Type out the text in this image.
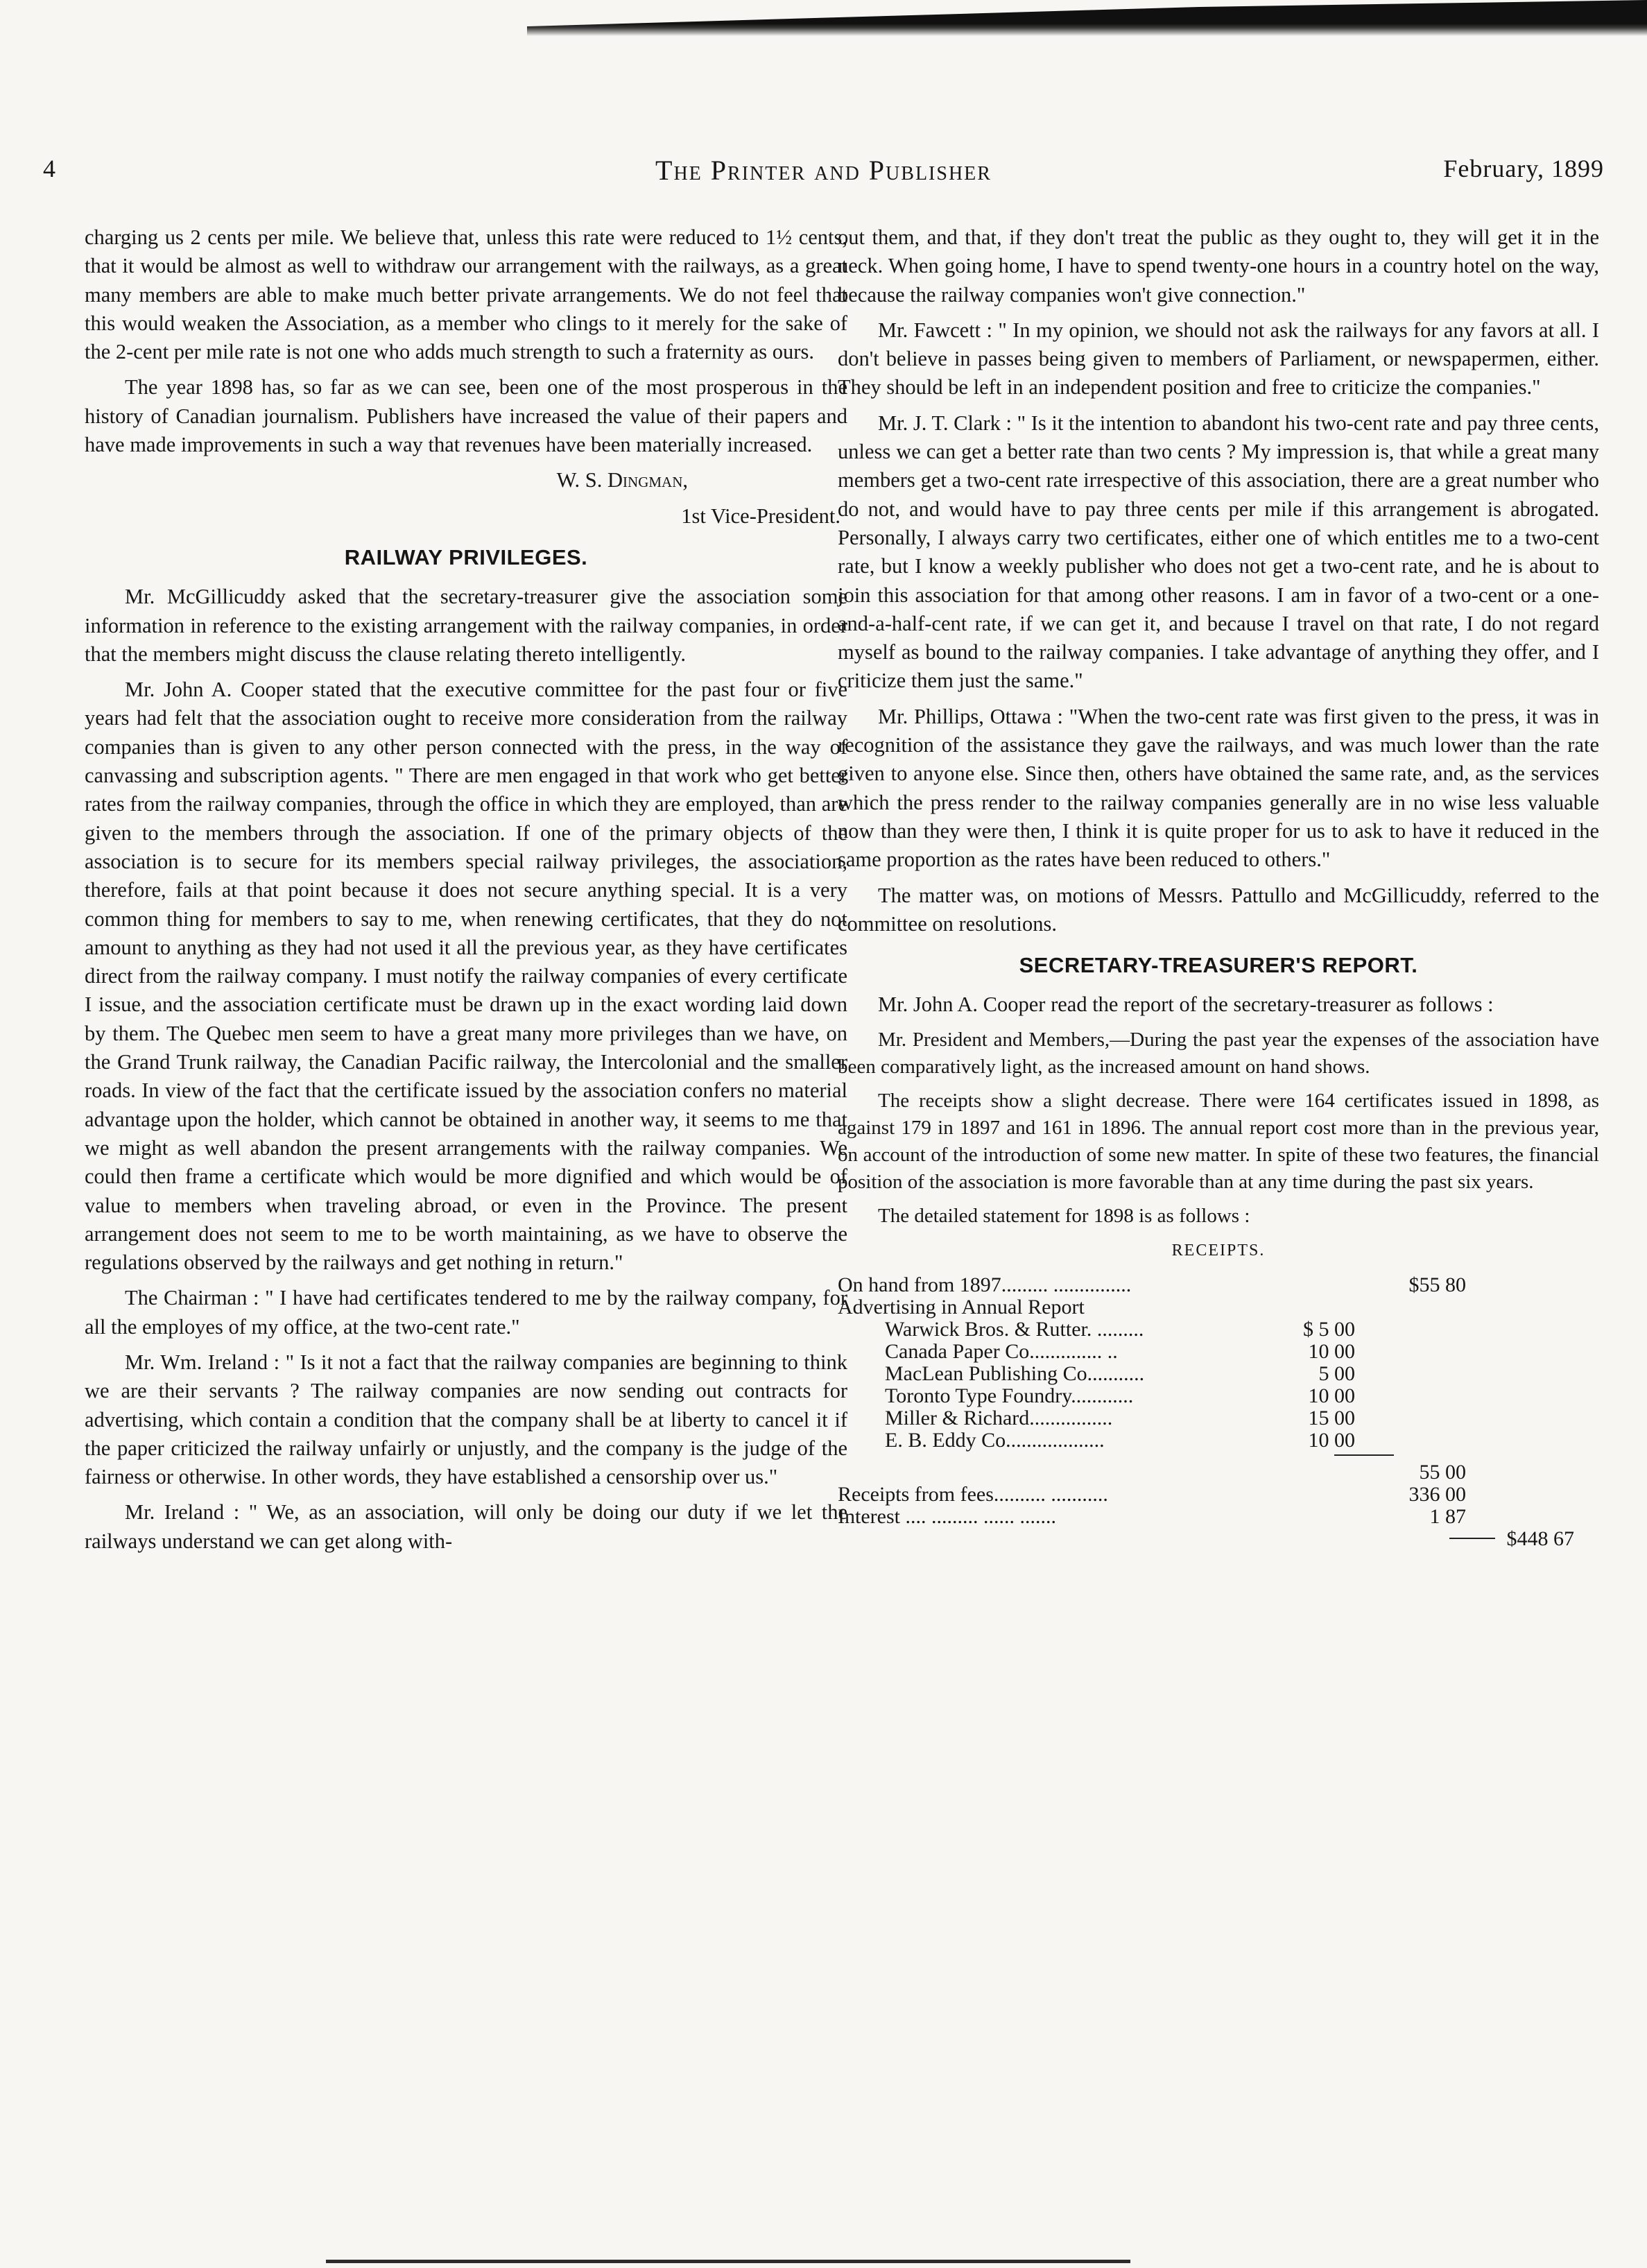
4	The Printer and Publisher	February, 1899

charging us 2 cents per mile. We believe that, unless this rate were reduced to 1½ cents, that it would be almost as well to withdraw our arrangement with the railways, as a great many members are able to make much better private arrangements. We do not feel that this would weaken the Association, as a member who clings to it merely for the sake of the 2-cent per mile rate is not one who adds much strength to such a fraternity as ours.

The year 1898 has, so far as we can see, been one of the most prosperous in the history of Canadian journalism. Publishers have increased the value of their papers and have made improvements in such a way that revenues have been materially increased.

W. S. Dingman,

1st Vice-President.

RAILWAY PRIVILEGES.

Mr. McGillicuddy asked that the secretary-treasurer give the association some information in reference to the existing arrangement with the railway companies, in order that the members might discuss the clause relating thereto intelligently.

Mr. John A. Cooper stated that the executive committee for the past four or five years had felt that the association ought to receive more consideration from the railway companies than is given to any other person connected with the press, in the way of canvassing and subscription agents. " There are men engaged in that work who get better rates from the railway companies, through the office in which they are employed, than are given to the members through the association. If one of the primary objects of the association is to secure for its members special railway privileges, the association, therefore, fails at that point because it does not secure anything special. It is a very common thing for members to say to me, when renewing certificates, that they do not amount to anything as they had not used it all the previous year, as they have certificates direct from the railway company. I must notify the railway companies of every certificate I issue, and the association certificate must be drawn up in the exact wording laid down by them. The Quebec men seem to have a great many more privileges than we have, on the Grand Trunk railway, the Canadian Pacific railway, the Intercolonial and the smaller roads. In view of the fact that the certificate issued by the association confers no material advantage upon the holder, which cannot be obtained in another way, it seems to me that we might as well abandon the present arrangements with the railway companies. We could then frame a certificate which would be more dignified and which would be of value to members when traveling abroad, or even in the Province. The present arrangement does not seem to me to be worth maintaining, as we have to observe the regulations observed by the railways and get nothing in return."

The Chairman : " I have had certificates tendered to me by the railway company, for all the employes of my office, at the two-cent rate."

Mr. Wm. Ireland : " Is it not a fact that the railway companies are beginning to think we are their servants ? The railway companies are now sending out contracts for advertising, which contain a condition that the company shall be at liberty to cancel it if the paper criticized the railway unfairly or unjustly, and the company is the judge of the fairness or otherwise. In other words, they have established a censorship over us."

Mr. Ireland : " We, as an association, will only be doing our duty if we let the railways understand we can get along with-

out them, and that, if they don't treat the public as they ought to, they will get it in the neck. When going home, I have to spend twenty-one hours in a country hotel on the way, because the railway companies won't give connection."

Mr. Fawcett : " In my opinion, we should not ask the railways for any favors at all. I don't believe in passes being given to members of Parliament, or newspapermen, either. They should be left in an independent position and free to criticize the companies."

Mr. J. T. Clark : " Is it the intention to abandont his two-cent rate and pay three cents, unless we can get a better rate than two cents ? My impression is, that while a great many members get a two-cent rate irrespective of this association, there are a great number who do not, and would have to pay three cents per mile if this arrangement is abrogated. Personally, I always carry two certificates, either one of which entitles me to a two-cent rate, but I know a weekly publisher who does not get a two-cent rate, and he is about to join this association for that among other reasons. I am in favor of a two-cent or a one-and-a-half-cent rate, if we can get it, and because I travel on that rate, I do not regard myself as bound to the railway companies. I take advantage of anything they offer, and I criticize them just the same."

Mr. Phillips, Ottawa : "When the two-cent rate was first given to the press, it was in recognition of the assistance they gave the railways, and was much lower than the rate given to anyone else. Since then, others have obtained the same rate, and, as the services which the press render to the railway companies generally are in no wise less valuable now than they were then, I think it is quite proper for us to ask to have it reduced in the same proportion as the rates have been reduced to others."

The matter was, on motions of Messrs. Pattullo and McGillicuddy, referred to the committee on resolutions.

SECRETARY-TREASURER'S REPORT.

Mr. John A. Cooper read the report of the secretary-treasurer as follows :

Mr. President and Members,—During the past year the expenses of the association have been comparatively light, as the increased amount on hand shows.

The receipts show a slight decrease. There were 164 certificates issued in 1898, as against 179 in 1897 and 161 in 1896. The annual report cost more than in the previous year, on account of the introduction of some new matter. In spite of these two features, the financial position of the association is more favorable than at any time during the past six years.

The detailed statement for 1898 is as follows :

RECEIPTS.
On hand from 1897......... ...............	$55 80
Advertising in Annual Report
Warwick Bros. & Rutter. .........	$ 5 00
Canada Paper Co.............. ..	10 00
MacLean Publishing Co...........	5 00
Toronto Type Foundry............	10 00
Miller & Richard................	15 00
E. B. Eddy Co...................	10 00
55 00
Receipts from fees.......... ...........	336 00
Interest .... ......... ...... .......	1 87
$448 67
